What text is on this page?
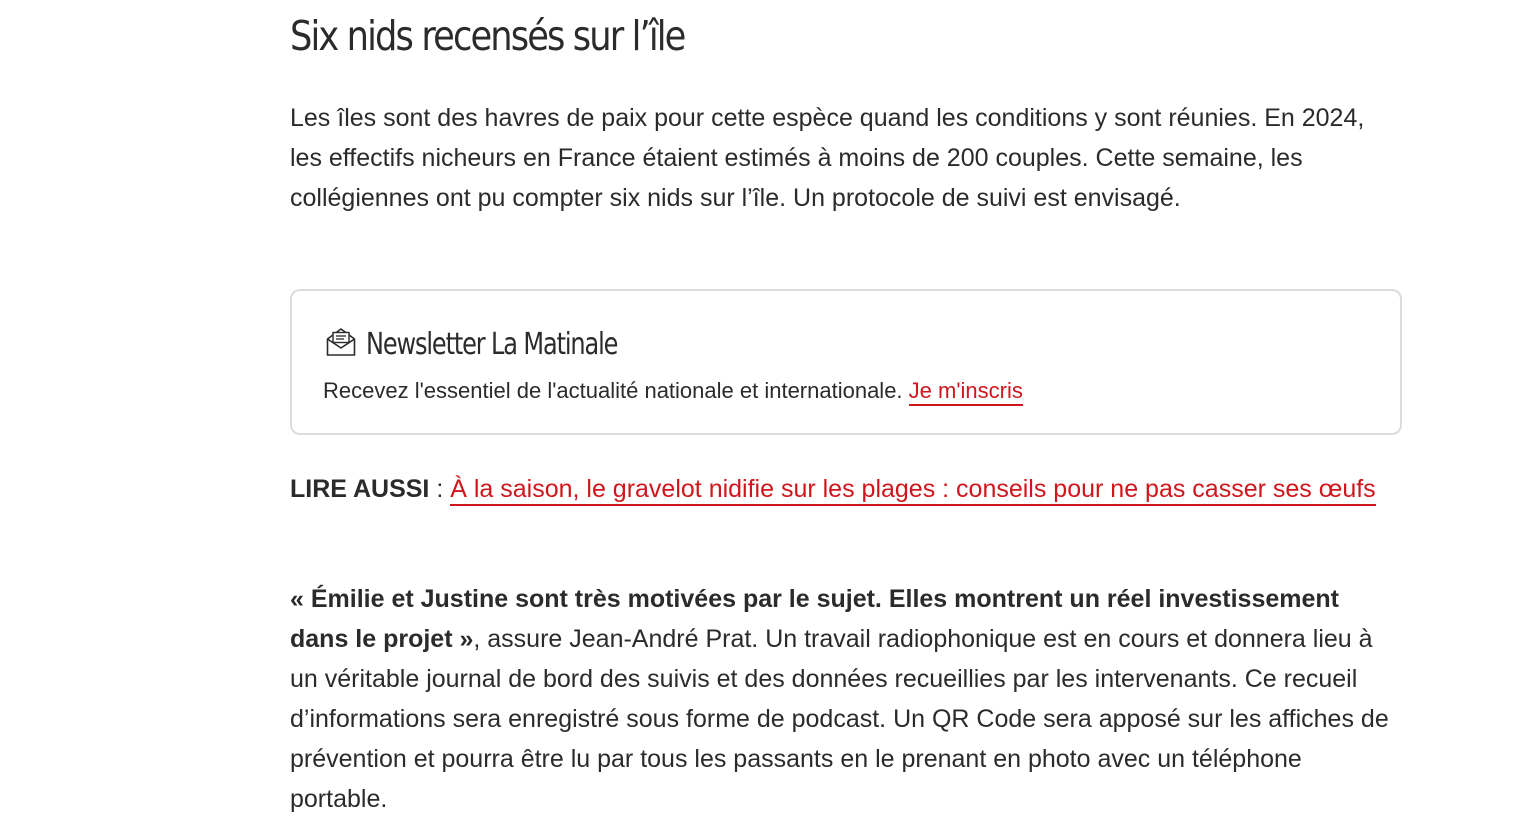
Six nids recensés sur l’île

Les îles sont des havres de paix pour cette espèce quand les conditions y sont réunies. En 2024, les effectifs nicheurs en France étaient estimés à moins de 200 couples. Cette semaine, les collégiennes ont pu compter six nids sur l’île. Un protocole de suivi est envisagé.

Newsletter La Matinale
Recevez l'essentiel de l'actualité nationale et internationale. Je m'inscris

LIRE AUSSI : À la saison, le gravelot nidifie sur les plages : conseils pour ne pas casser ses œufs

« Émilie et Justine sont très motivées par le sujet. Elles montrent un réel investissement dans le projet », assure Jean-André Prat. Un travail radiophonique est en cours et donnera lieu à un véritable journal de bord des suivis et des données recueillies par les intervenants. Ce recueil d’informations sera enregistré sous forme de podcast. Un QR Code sera apposé sur les affiches de prévention et pourra être lu par tous les passants en le prenant en photo avec un téléphone portable.
